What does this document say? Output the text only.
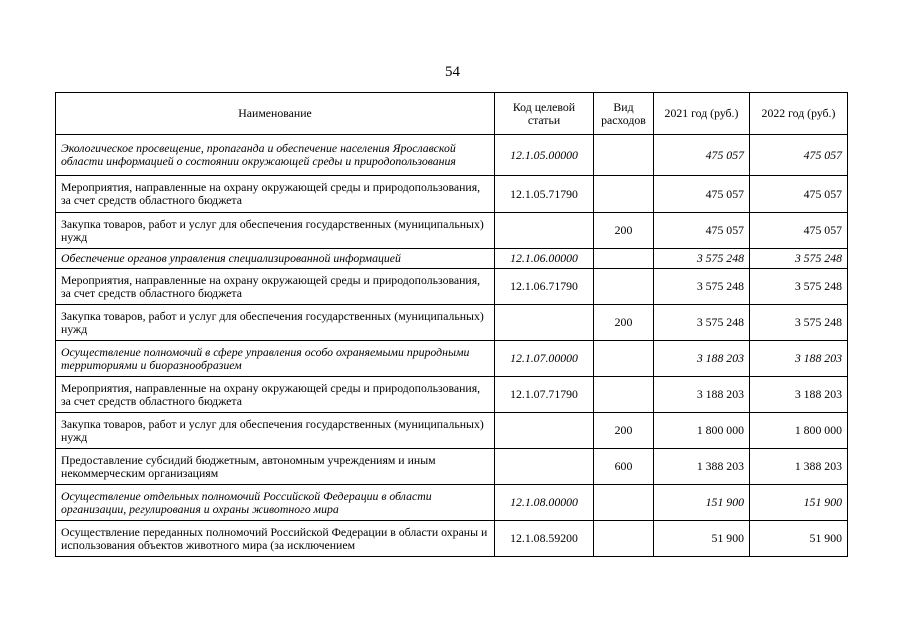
54
Наименование	Код целевой статьи	Вид расходов	2021 год (руб.)	2022 год (руб.)
Экологическое просвещение, пропаганда и обеспечение населения Ярославской области информацией о состоянии окружающей среды и природопользования	12.1.05.00000		475 057	475 057
Мероприятия, направленные на охрану окружающей среды и природопользования, за счет средств областного бюджета	12.1.05.71790		475 057	475 057
Закупка товаров, работ и услуг для обеспечения государственных (муниципальных) нужд		200	475 057	475 057
Обеспечение органов управления специализированной информацией	12.1.06.00000		3 575 248	3 575 248
Мероприятия, направленные на охрану окружающей среды и природопользования, за счет средств областного бюджета	12.1.06.71790		3 575 248	3 575 248
Закупка товаров, работ и услуг для обеспечения государственных (муниципальных) нужд		200	3 575 248	3 575 248
Осуществление полномочий в сфере управления особо охраняемыми природными территориями и биоразнообразием	12.1.07.00000		3 188 203	3 188 203
Мероприятия, направленные на охрану окружающей среды и природопользования, за счет средств областного бюджета	12.1.07.71790		3 188 203	3 188 203
Закупка товаров, работ и услуг для обеспечения государственных (муниципальных) нужд		200	1 800 000	1 800 000
Предоставление субсидий бюджетным, автономным учреждениям и иным некоммерческим организациям		600	1 388 203	1 388 203
Осуществление отдельных полномочий Российской Федерации в области организации, регулирования и охраны животного мира	12.1.08.00000		151 900	151 900
Осуществление переданных полномочий Российской Федерации в области охраны и использования объектов животного мира (за исключением	12.1.08.59200		51 900	51 900
